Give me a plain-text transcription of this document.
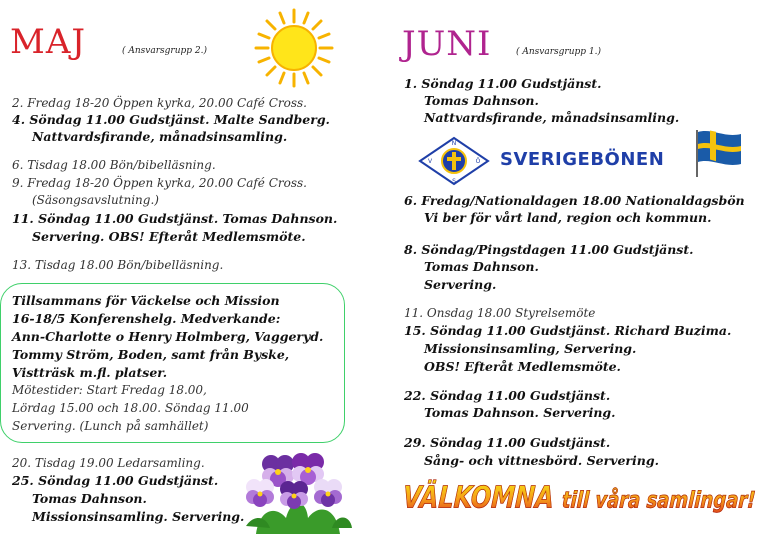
MAJ	( Ansvarsgrupp 2.)	JUNI	( Ansvarsgrupp 1.)
2. Fredag 18-20 Öppen kyrka, 20.00 Café Cross.
4. Söndag 11.00 Gudstjänst. Malte Sandberg.
Nattvardsfirande, månadsinsamling.
6. Tisdag 18.00 Bön/bibelläsning.
9. Fredag 18-20 Öppen kyrka, 20.00 Café Cross.
(Säsongsavslutning.)
11. Söndag 11.00 Gudstjänst. Tomas Dahnson.
Servering. OBS! Efteråt Medlemsmöte.
13. Tisdag 18.00 Bön/bibelläsning.
Tillsammans för Väckelse och Mission
16-18/5 Konferenshelg. Medverkande:
Ann-Charlotte o Henry Holmberg, Vaggeryd.
Tommy Ström, Boden, samt från Byske,
Vistträsk m.fl. platser.
Mötestider: Start Fredag 18.00,
Lördag 15.00 och 18.00. Söndag 11.00
Servering. (Lunch på samhället)
20. Tisdag 19.00 Ledarsamling.
25. Söndag 11.00 Gudstjänst.
Tomas Dahnson.
Missionsinsamling. Servering.
1. Söndag 11.00 Gudstjänst.
Tomas Dahnson.
Nattvardsfirande, månadsinsamling.
N
S
V	Ö SVERIGEBÖNEN
6. Fredag/Nationaldagen 18.00 Nationaldagsbön
Vi ber för vårt land, region och kommun.
8. Söndag/Pingstdagen 11.00 Gudstjänst.
Tomas Dahnson.
Servering.
11. Onsdag 18.00 Styrelsemöte
15. Söndag 11.00 Gudstjänst. Richard Buzima.
Missionsinsamling, Servering.
OBS! Efteråt Medlemsmöte.
22. Söndag 11.00 Gudstjänst.
Tomas Dahnson. Servering.
29. Söndag 11.00 Gudstjänst.
Sång- och vittnesbörd. Servering.
VÄLKOMNA till våra samlingar!
